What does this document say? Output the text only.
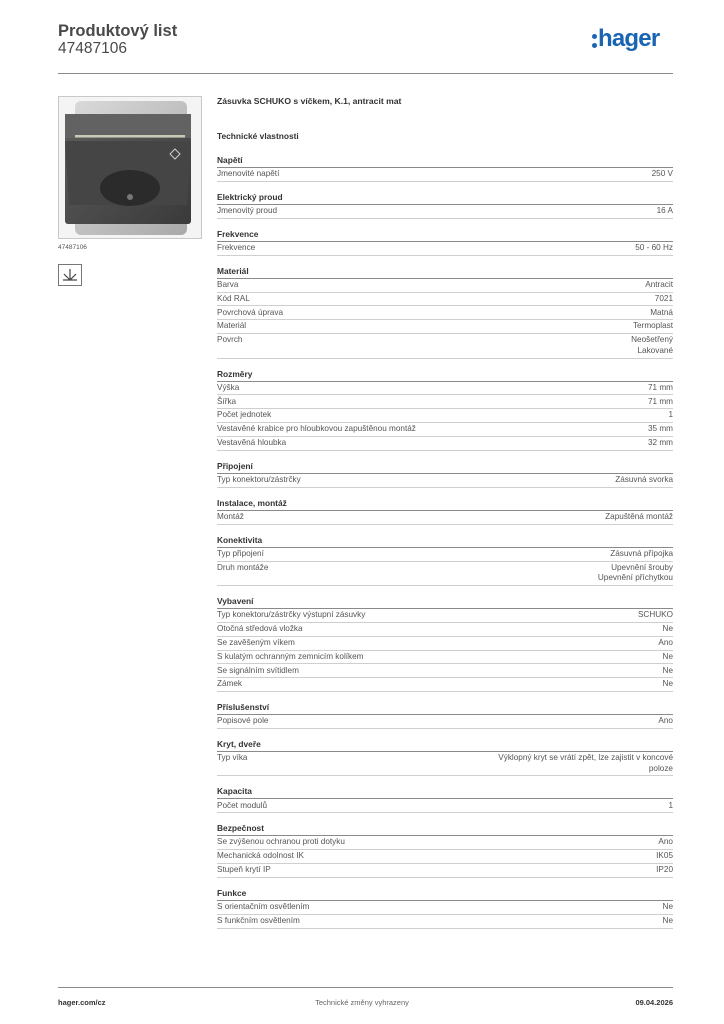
Produktový list
47487106	hager
47487106
Zásuvka SCHUKO s víčkem, K.1, antracit mat
Technické vlastnosti
Napětí
Jmenovité napětí	250 V
Elektrický proud
Jmenovitý proud	16 A
Frekvence
Frekvence	50 - 60 Hz
Materiál
Barva	Antracit
Kód RAL	7021
Povrchová úprava	Matná
Materiál	Termoplast
Povrch	Neošetřený
Lakované
Rozměry
Výška	71 mm
Šířka	71 mm
Počet jednotek	1
Vestavěné krabice pro hloubkovou zapuštěnou montáž	35 mm
Vestavěná hloubka	32 mm
Připojení
Typ konektoru/zástrčky	Zásuvná svorka
Instalace, montáž
Montáž	Zapuštěná montáž
Konektivita
Typ připojení	Zásuvná přípojka
Druh montáže	Upevnění šrouby
Upevnění příchytkou
Vybavení
Typ konektoru/zástrčky výstupní zásuvky	SCHUKO
Otočná středová vložka	Ne
Se zavěšeným víkem	Ano
S kulatým ochranným zemnicím kolíkem	Ne
Se signálním svítidlem	Ne
Zámek	Ne
Příslušenství
Popisové pole	Ano
Kryt, dveře
Typ víka	Výklopný kryt se vrátí zpět, lze zajistit v koncové
poloze
Kapacita
Počet modulů	1
Bezpečnost
Se zvýšenou ochranou proti dotyku	Ano
Mechanická odolnost IK	IK05
Stupeň krytí IP	IP20
Funkce
S orientačním osvětlením	Ne
S funkčním osvětlením	Ne
hager.com/cz	Technické změny vyhrazeny	09.04.2026
